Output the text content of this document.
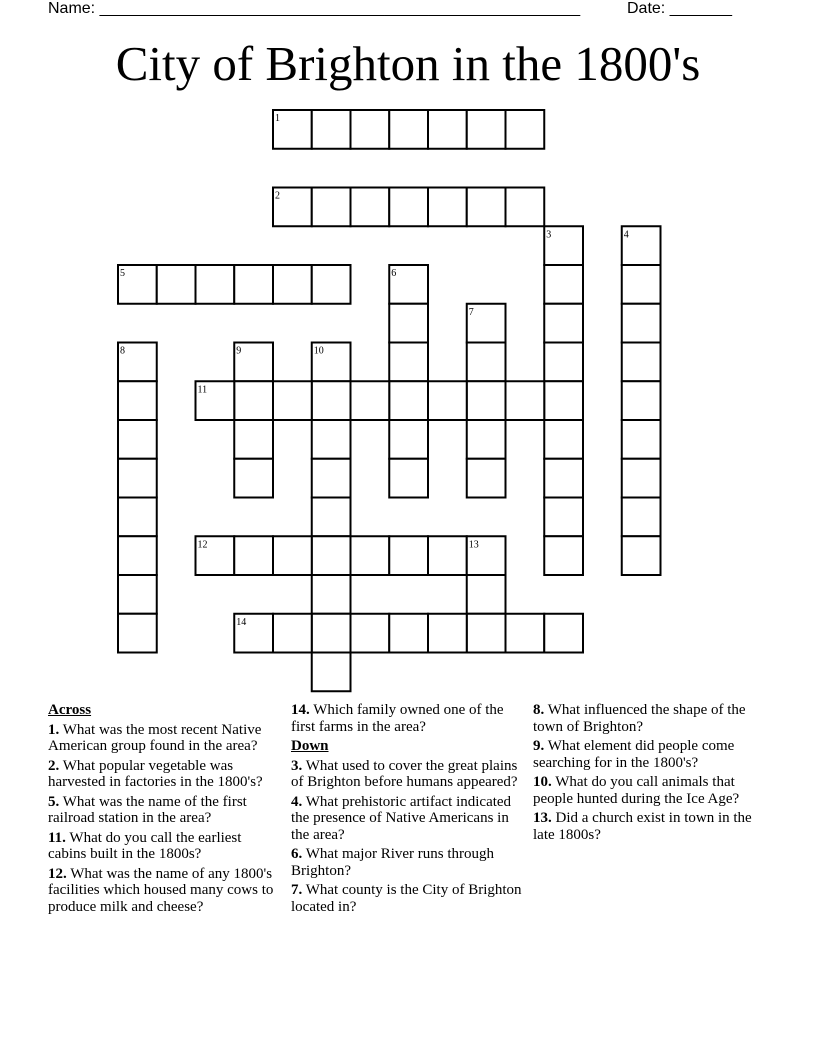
Name: ______________________________________________________	Date: _______
City of Brighton in the 1800's
1
2
3	4
5	6
7
8	9	10
11
12	13
14
Across
1. What was the most recent Native American group found in the area?
2. What popular vegetable was harvested in factories in the 1800's?
5. What was the name of the first railroad station in the area?
11. What do you call the earliest cabins built in the 1800s?
12. What was the name of any 1800's facilities which housed many cows to produce milk and cheese?
14. Which family owned one of the first farms in the area?
Down
3. What used to cover the great plains of Brighton before humans appeared?
4. What prehistoric artifact indicated the presence of Native Americans in the area?
6. What major River runs through Brighton?
7. What county is the City of Brighton located in?
8. What influenced the shape of the town of Brighton?
9. What element did people come searching for in the 1800's?
10. What do you call animals that people hunted during the Ice Age?
13. Did a church exist in town in the late 1800s?
